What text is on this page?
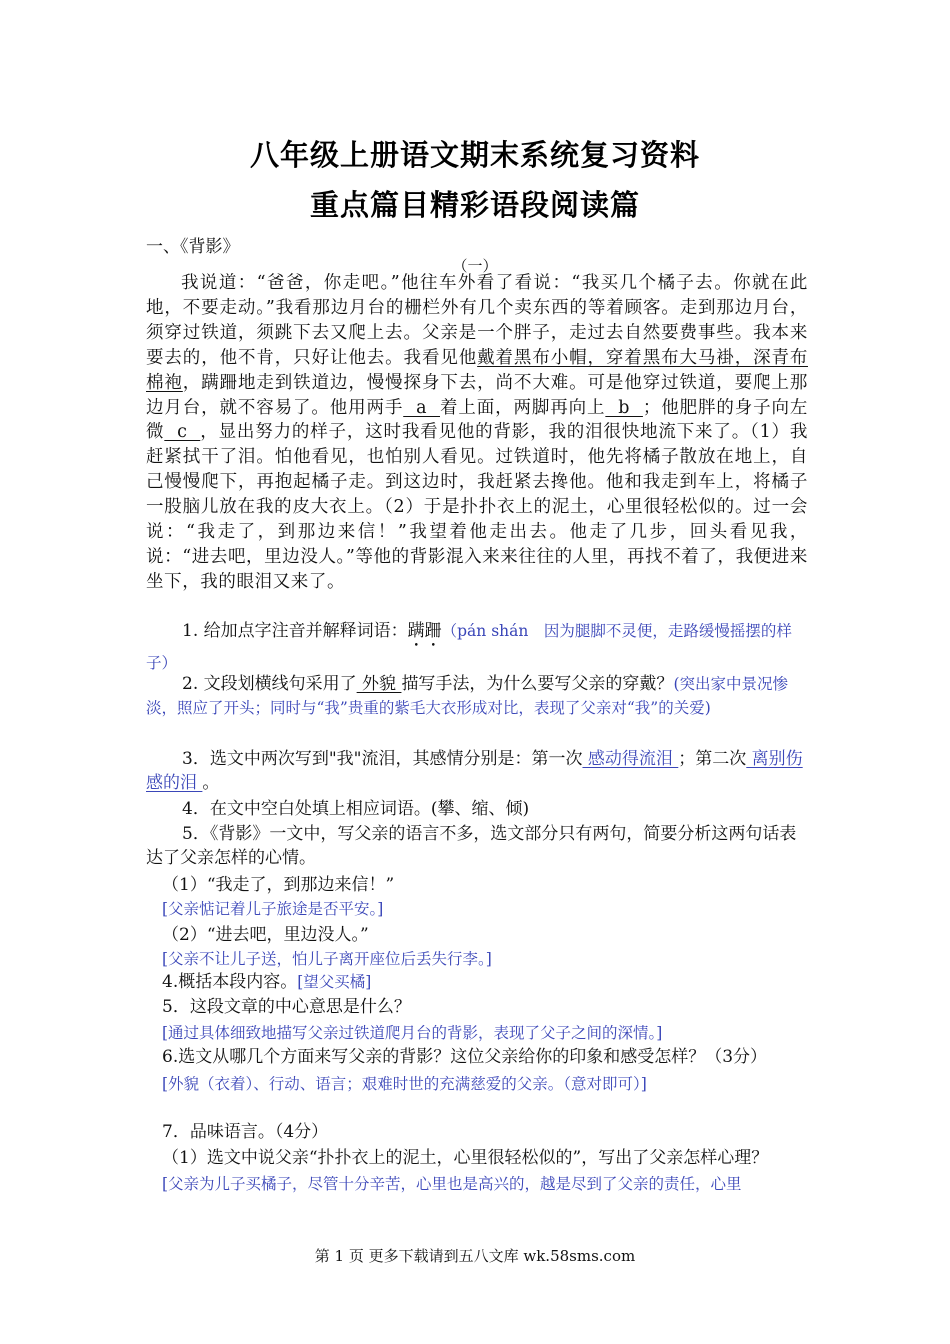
八年级上册语文期末系统复习资料
重点篇目精彩语段阅读篇
一、《背影》
（一）

我说道：“爸爸，你走吧。”他往车外看了看说：“我买几个橘子去。你就在此地，不要走动。”我看那边月台的栅栏外有几个卖东西的等着顾客。走到那边月台，须穿过铁道，须跳下去又爬上去。父亲是一个胖子，走过去自然要费事些。我本来要去的，他不肯，只好让他去。我看见他戴着黑布小帽，穿着黑布大马褂，深青布棉袍，蹒跚地走到铁道边，慢慢探身下去，尚不大难。可是他穿过铁道，要爬上那边月台，就不容易了。他用两手  a  着上面，两脚再向上  b  ；他肥胖的身子向左微  c  ，显出努力的样子，这时我看见他的背影，我的泪很快地流下来了。（1）我赶紧拭干了泪。怕他看见，也怕别人看见。过铁道时，他先将橘子散放在地上，自己慢慢爬下，再抱起橘子走。到这边时，我赶紧去搀他。他和我走到车上，将橘子一股脑儿放在我的皮大衣上。（2）于是扑扑衣上的泥土，心里很轻松似的。过一会说：“我走了，到那边来信！”我望着他走出去。他走了几步，回头看见我，说：“进去吧，里边没人。”等他的背影混入来来往往的人里，再找不着了，我便进来坐下，我的眼泪又来了。

1. 给加点字注音并解释词语：蹒跚（pán shán　因为腿脚不灵便，走路缓慢摇摆的样子）
2. 文段划横线句采用了 外貌 描写手法，为什么要写父亲的穿戴？(突出家中景况惨淡，照应了开头；同时与“我”贵重的紫毛大衣形成对比，表现了父亲对“我”的关爱)
3．选文中两次写到"我"流泪，其感情分别是：第一次 感动得流泪 ；第二次 离别伤感的泪 。
4．在文中空白处填上相应词语。(攀、缩、倾)
5．《背影》一文中，写父亲的语言不多，选文部分只有两句，简要分析这两句话表达了父亲怎样的心情。
（1）“我走了，到那边来信！”
[父亲惦记着儿子旅途是否平安。]
（2）“进去吧，里边没人。”
[父亲不让儿子送，怕儿子离开座位后丢失行李。]
4.概括本段内容。[望父买橘]
5．这段文章的中心意思是什么？
[通过具体细致地描写父亲过铁道爬月台的背影，表现了父子之间的深情。]
6.选文从哪几个方面来写父亲的背影？这位父亲给你的印象和感受怎样？（3分）
[外貌（衣着）、行动、语言；艰难时世的充满慈爱的父亲。（意对即可）]
7．品味语言。（4分）
（1）选文中说父亲“扑扑衣上的泥土，心里很轻松似的”，写出了父亲怎样心理？
[父亲为儿子买橘子，尽管十分辛苦，心里也是高兴的，越是尽到了父亲的责任，心里
第 1 页 更多下载请到五八文库 wk.58sms.com
